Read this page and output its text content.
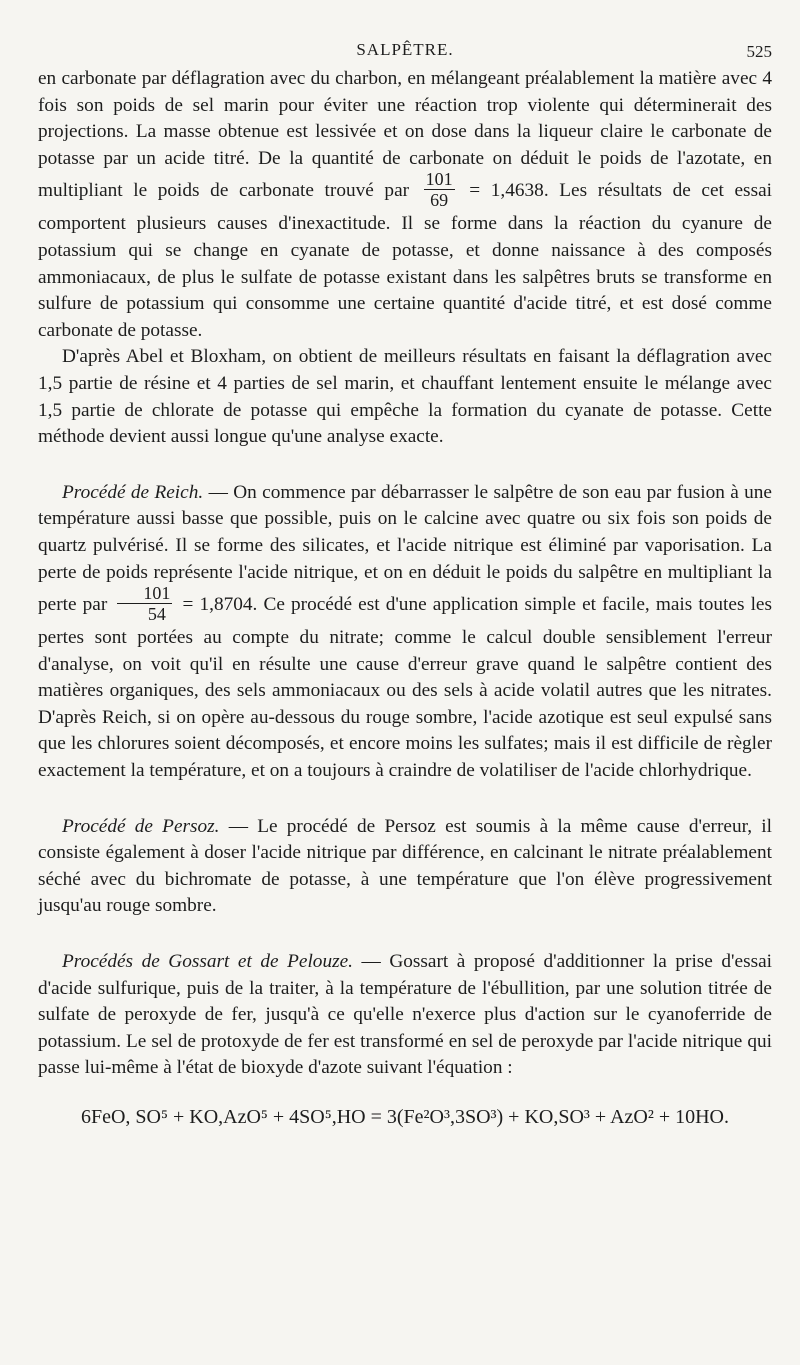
SALPÊTRE.	525

en carbonate par déflagration avec du charbon, en mélangeant préalablement la matière avec 4 fois son poids de sel marin pour éviter une réaction trop violente qui déterminerait des projections. La masse obtenue est lessivée et on dose dans la liqueur claire le carbonate de potasse par un acide titré. De la quantité de carbonate on déduit le poids de l'azotate, en multipliant le poids de carbonate trouvé par $\frac{101}{69} = 1,4638$. Les résultats de cet essai comportent plusieurs causes d'inexactitude. Il se forme dans la réaction du cyanure de potassium qui se change en cyanate de potasse, et donne naissance à des composés ammoniacaux, de plus le sulfate de potasse existant dans les salpêtres bruts se transforme en sulfure de potassium qui consomme une certaine quantité d'acide titré, et est dosé comme carbonate de potasse.

D'après Abel et Bloxham, on obtient de meilleurs résultats en faisant la déflagration avec 1,5 partie de résine et 4 parties de sel marin, et chauffant lentement ensuite le mélange avec 1,5 partie de chlorate de potasse qui empêche la formation du cyanate de potasse. Cette méthode devient aussi longue qu'une analyse exacte.

Procédé de Reich. — On commence par débarrasser le salpêtre de son eau par fusion à une température aussi basse que possible, puis on le calcine avec quatre ou six fois son poids de quartz pulvérisé. Il se forme des silicates, et l'acide nitrique est éliminé par vaporisation. La perte de poids représente l'acide nitrique, et on en déduit le poids du salpêtre en multipliant la perte par $\frac{101}{54} = 1,8704$. Ce procédé est d'une application simple et facile, mais toutes les pertes sont portées au compte du nitrate; comme le calcul double sensiblement l'erreur d'analyse, on voit qu'il en résulte une cause d'erreur grave quand le salpêtre contient des matières organiques, des sels ammoniacaux ou des sels à acide volatil autres que les nitrates. D'après Reich, si on opère au-dessous du rouge sombre, l'acide azotique est seul expulsé sans que les chlorures soient décomposés, et encore moins les sulfates; mais il est difficile de règler exactement la température, et on a toujours à craindre de volatiliser de l'acide chlorhydrique.

Procédé de Persoz. — Le procédé de Persoz est soumis à la même cause d'erreur, il consiste également à doser l'acide nitrique par différence, en calcinant le nitrate préalablement séché avec du bichromate de potasse, à une température que l'on élève progressivement jusqu'au rouge sombre.

Procédés de Gossart et de Pelouze. — Gossart à proposé d'additionner la prise d'essai d'acide sulfurique, puis de la traiter, à la température de l'ébullition, par une solution titrée de sulfate de peroxyde de fer, jusqu'à ce qu'elle n'exerce plus d'action sur le cyanoferride de potassium. Le sel de protoxyde de fer est transformé en sel de peroxyde par l'acide nitrique qui passe lui-même à l'état de bioxyde d'azote suivant l'équation :

6FeO, SO⁵ + KO,AzO⁵ + 4SO⁵,HO = 3(Fe²O³,3SO³) + KO,SO³ + AzO² + 10HO.
